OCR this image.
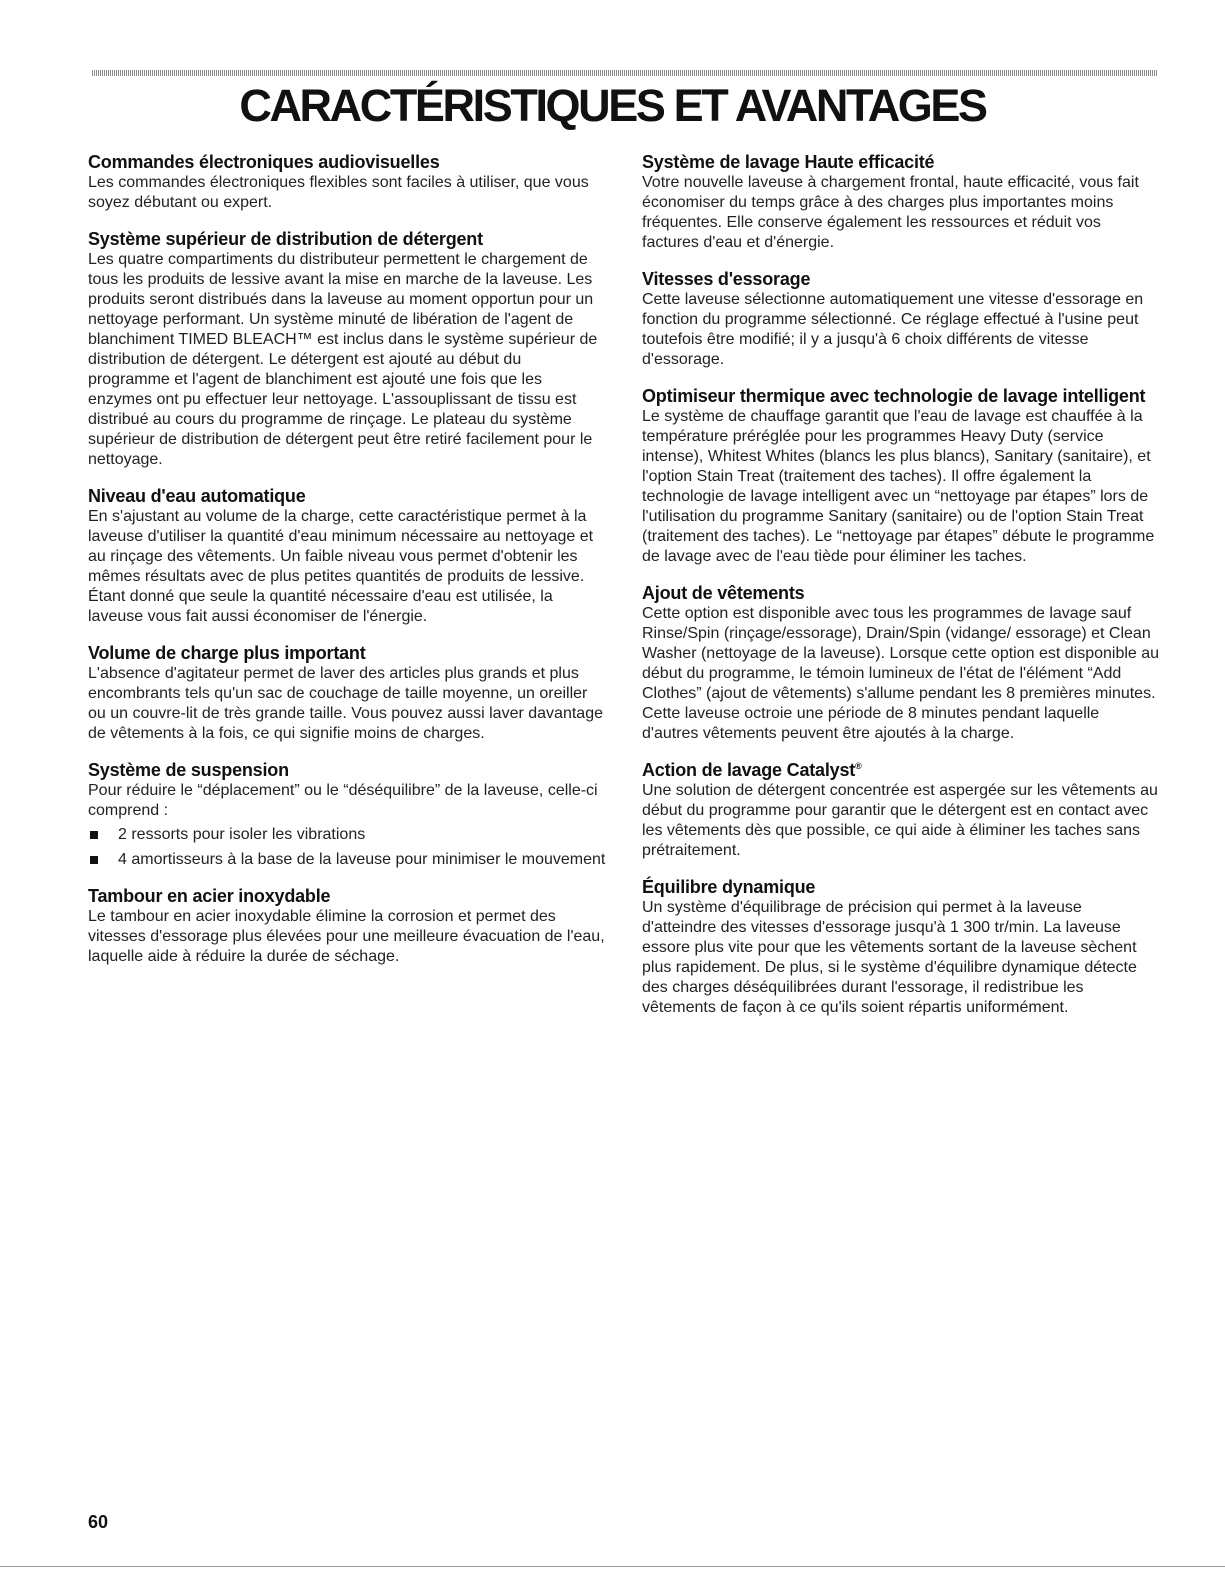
CARACTÉRISTIQUES ET AVANTAGES
Commandes électroniques audiovisuelles

Les commandes électroniques flexibles sont faciles à utiliser, que vous soyez débutant ou expert.

Système supérieur de distribution de détergent

Les quatre compartiments du distributeur permettent le chargement de tous les produits de lessive avant la mise en marche de la laveuse. Les produits seront distribués dans la laveuse au moment opportun pour un nettoyage performant. Un système minuté de libération de l'agent de blanchiment TIMED BLEACH™ est inclus dans le système supérieur de distribution de détergent. Le détergent est ajouté au début du programme et l'agent de blanchiment est ajouté une fois que les enzymes ont pu effectuer leur nettoyage. L'assouplissant de tissu est distribué au cours du programme de rinçage. Le plateau du système supérieur de distribution de détergent peut être retiré facilement pour le nettoyage.

Niveau d'eau automatique

En s'ajustant au volume de la charge, cette caractéristique permet à la laveuse d'utiliser la quantité d'eau minimum nécessaire au nettoyage et au rinçage des vêtements. Un faible niveau vous permet d'obtenir les mêmes résultats avec de plus petites quantités de produits de lessive. Étant donné que seule la quantité nécessaire d'eau est utilisée, la laveuse vous fait aussi économiser de l'énergie.

Volume de charge plus important

L'absence d'agitateur permet de laver des articles plus grands et plus encombrants tels qu'un sac de couchage de taille moyenne, un oreiller ou un couvre-lit de très grande taille. Vous pouvez aussi laver davantage de vêtements à la fois, ce qui signifie moins de charges.

Système de suspension

Pour réduire le “déplacement” ou le “déséquilibre” de la laveuse, celle-ci comprend :

2 ressorts pour isoler les vibrations
4 amortisseurs à la base de la laveuse pour minimiser le mouvement
Tambour en acier inoxydable

Le tambour en acier inoxydable élimine la corrosion et permet des vitesses d'essorage plus élevées pour une meilleure évacuation de l'eau, laquelle aide à réduire la durée de séchage.

Système de lavage Haute efficacité

Votre nouvelle laveuse à chargement frontal, haute efficacité, vous fait économiser du temps grâce à des charges plus importantes moins fréquentes. Elle conserve également les ressources et réduit vos factures d'eau et d'énergie.

Vitesses d'essorage

Cette laveuse sélectionne automatiquement une vitesse d'essorage en fonction du programme sélectionné. Ce réglage effectué à l'usine peut toutefois être modifié; il y a jusqu'à 6 choix différents de vitesse d'essorage.

Optimiseur thermique avec technologie de lavage intelligent

Le système de chauffage garantit que l'eau de lavage est chauffée à la température préréglée pour les programmes Heavy Duty (service intense), Whitest Whites (blancs les plus blancs), Sanitary (sanitaire), et l'option Stain Treat (traitement des taches). Il offre également la technologie de lavage intelligent avec un “nettoyage par étapes” lors de l'utilisation du programme Sanitary (sanitaire) ou de l'option Stain Treat (traitement des taches). Le “nettoyage par étapes” débute le programme de lavage avec de l'eau tiède pour éliminer les taches.

Ajout de vêtements

Cette option est disponible avec tous les programmes de lavage sauf Rinse/Spin (rinçage/essorage), Drain/Spin (vidange/ essorage) et Clean Washer (nettoyage de la laveuse). Lorsque cette option est disponible au début du programme, le témoin lumineux de l'état de l'élément “Add Clothes” (ajout de vêtements) s'allume pendant les 8 premières minutes. Cette laveuse octroie une période de 8 minutes pendant laquelle d'autres vêtements peuvent être ajoutés à la charge.

Action de lavage Catalyst®

Une solution de détergent concentrée est aspergée sur les vêtements au début du programme pour garantir que le détergent est en contact avec les vêtements dès que possible, ce qui aide à éliminer les taches sans prétraitement.

Équilibre dynamique

Un système d'équilibrage de précision qui permet à la laveuse d'atteindre des vitesses d'essorage jusqu'à 1 300 tr/min. La laveuse essore plus vite pour que les vêtements sortant de la laveuse sèchent plus rapidement. De plus, si le système d'équilibre dynamique détecte des charges déséquilibrées durant l'essorage, il redistribue les vêtements de façon à ce qu'ils soient répartis uniformément.

60
